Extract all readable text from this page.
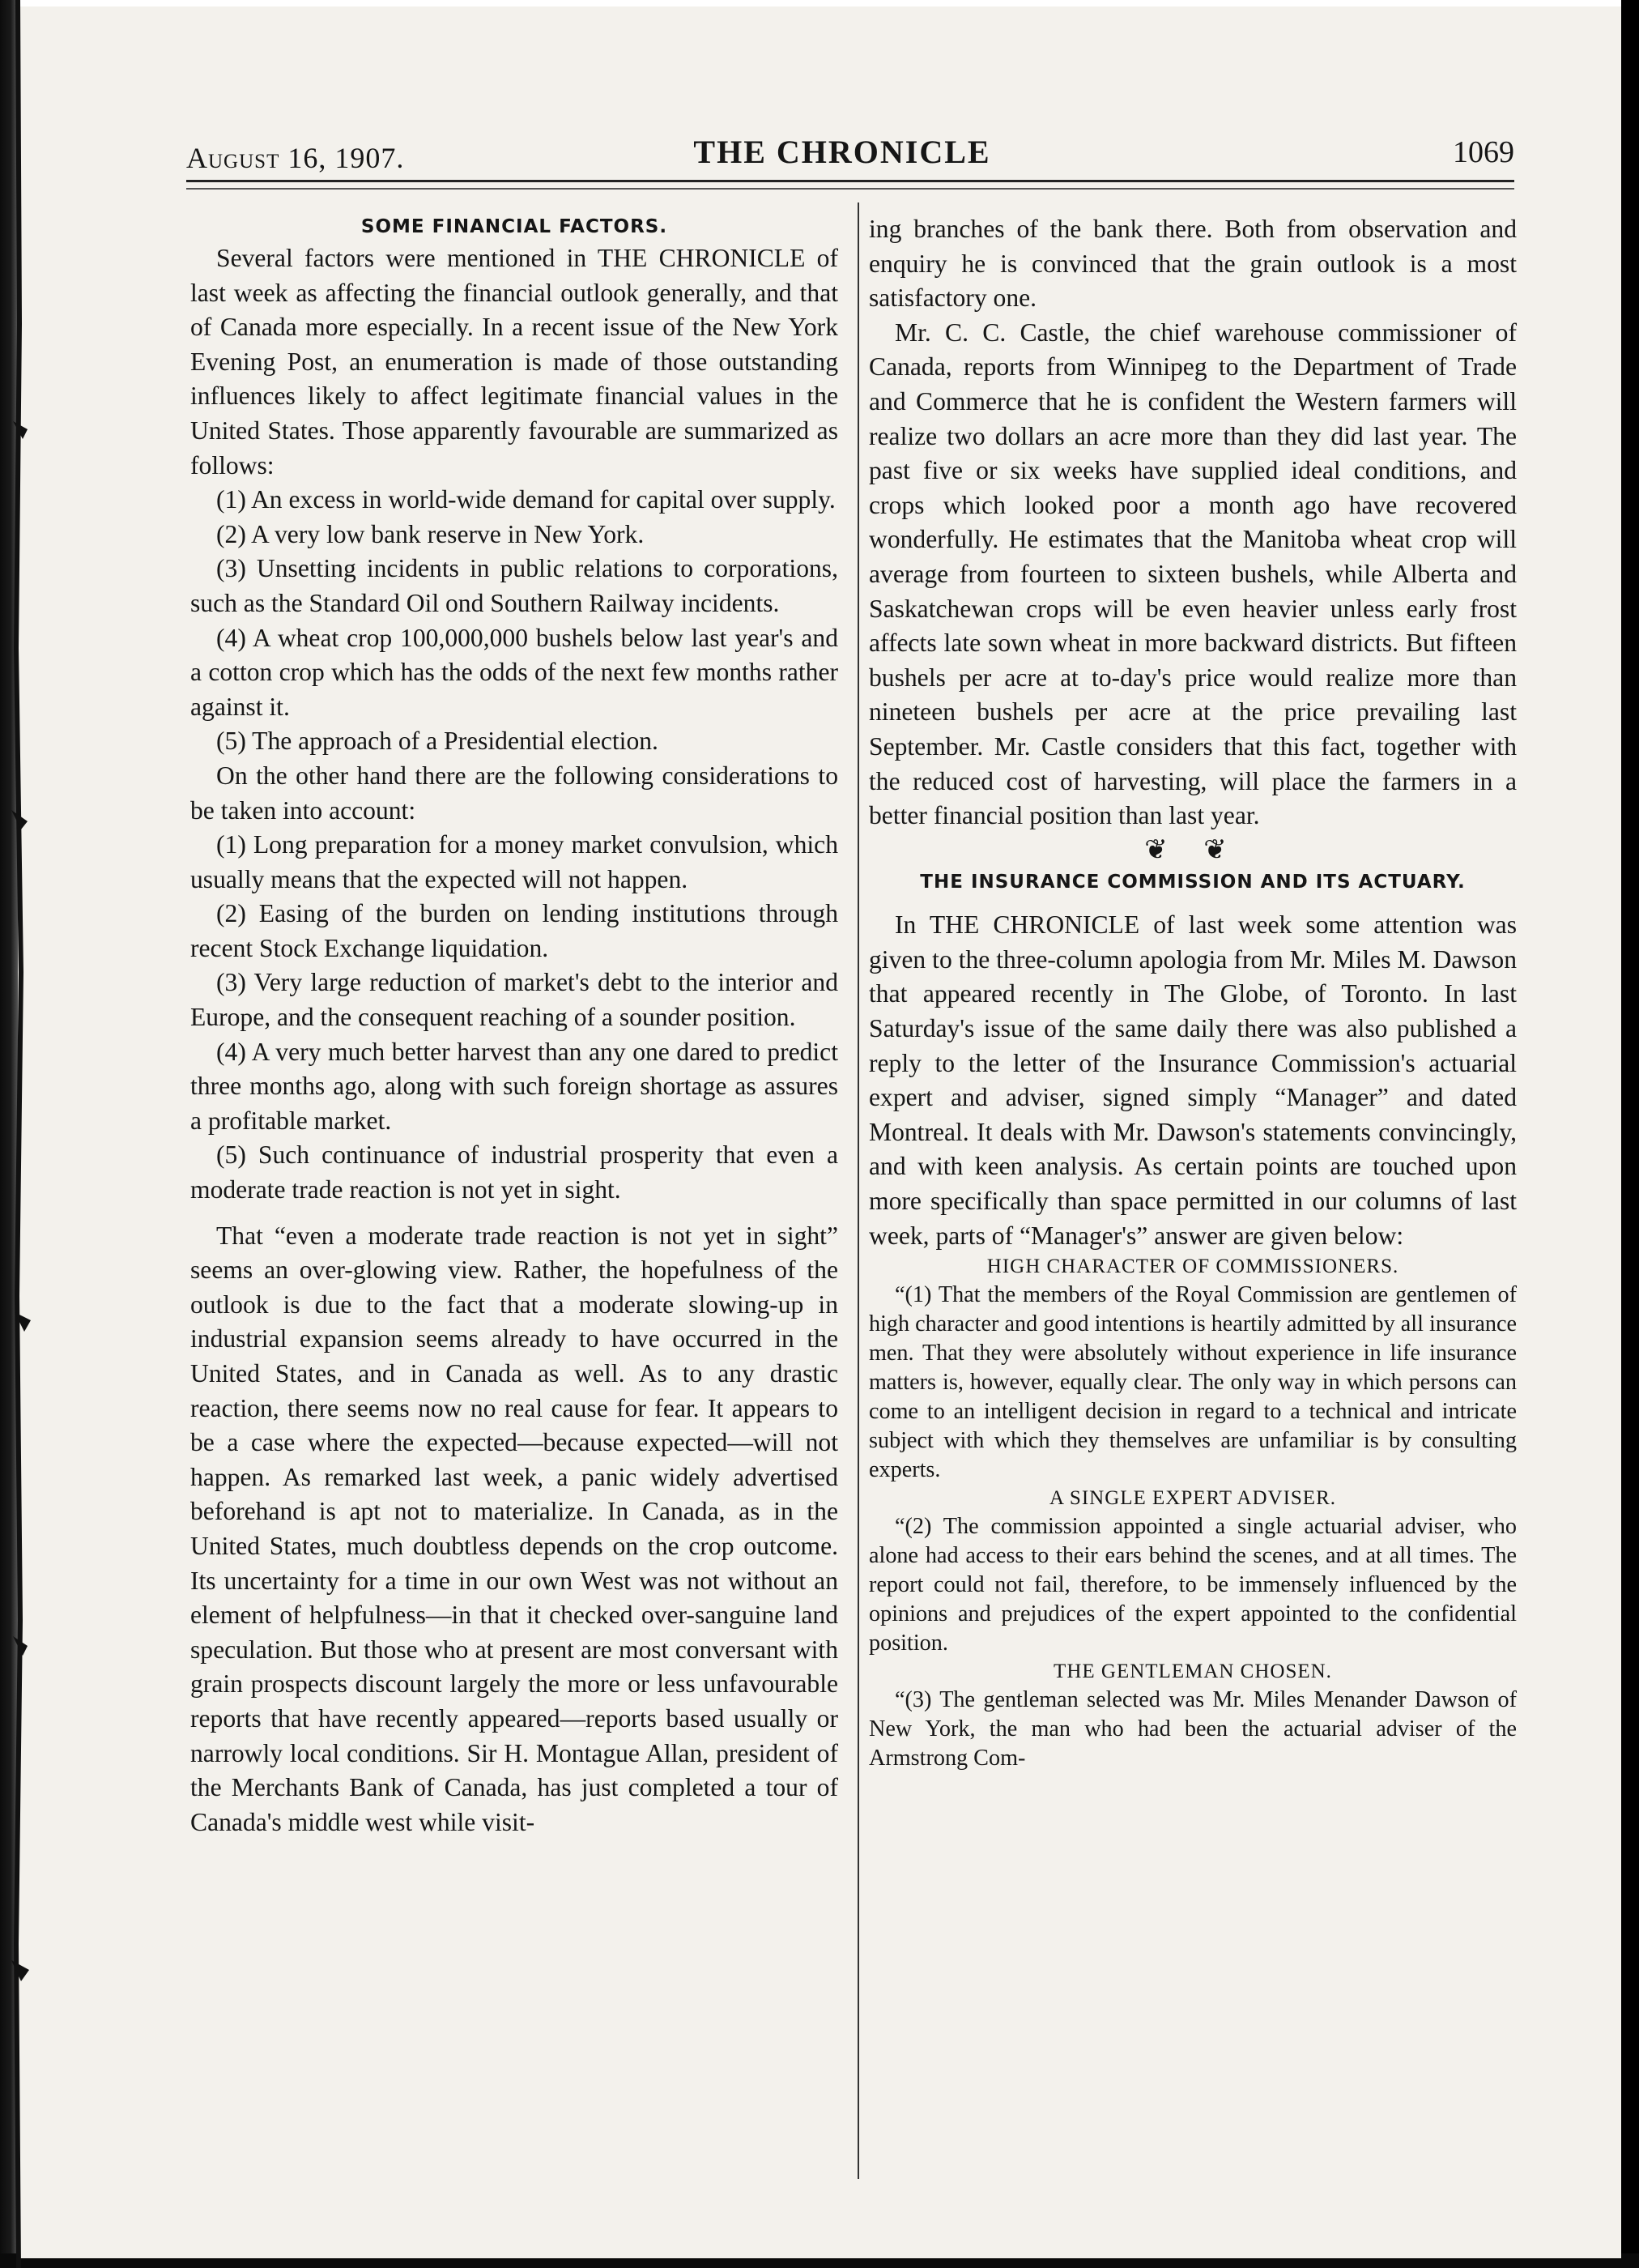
August 16, 1907.	THE CHRONICLE	1069

SOME FINANCIAL FACTORS.

Several factors were mentioned in THE CHRONICLE of last week as affecting the financial outlook generally, and that of Canada more especially. In a recent issue of the New York Evening Post, an enumeration is made of those outstanding influences likely to affect legitimate financial values in the United States. Those apparently favourable are summarized as follows:

(1) An excess in world-wide demand for capital over supply.

(2) A very low bank reserve in New York.

(3) Unsetting incidents in public relations to corporations, such as the Standard Oil ond Southern Railway incidents.

(4) A wheat crop 100,000,000 bushels below last year's and a cotton crop which has the odds of the next few months rather against it.

(5) The approach of a Presidential election.

On the other hand there are the following considerations to be taken into account:

(1) Long preparation for a money market convulsion, which usually means that the expected will not happen.

(2) Easing of the burden on lending institutions through recent Stock Exchange liquidation.

(3) Very large reduction of market's debt to the interior and Europe, and the consequent reaching of a sounder position.

(4) A very much better harvest than any one dared to predict three months ago, along with such foreign shortage as assures a profitable market.

(5) Such continuance of industrial prosperity that even a moderate trade reaction is not yet in sight.

That “even a moderate trade reaction is not yet in sight” seems an over-glowing view. Rather, the hopefulness of the outlook is due to the fact that a moderate slowing-up in industrial expansion seems already to have occurred in the United States, and in Canada as well. As to any drastic reaction, there seems now no real cause for fear. It appears to be a case where the expected—because expected—will not happen. As remarked last week, a panic widely advertised beforehand is apt not to materialize. In Canada, as in the United States, much doubtless depends on the crop outcome. Its uncertainty for a time in our own West was not without an element of helpfulness—in that it checked over-sanguine land speculation. But those who at present are most conversant with grain prospects discount largely the more or less unfavourable reports that have recently appeared—reports based usually or narrowly local conditions. Sir H. Montague Allan, president of the Merchants Bank of Canada, has just completed a tour of Canada's middle west while visit-

ing branches of the bank there. Both from observation and enquiry he is convinced that the grain outlook is a most satisfactory one.

Mr. C. C. Castle, the chief warehouse commissioner of Canada, reports from Winnipeg to the Department of Trade and Commerce that he is confident the Western farmers will realize two dollars an acre more than they did last year. The past five or six weeks have supplied ideal conditions, and crops which looked poor a month ago have recovered wonderfully. He estimates that the Manitoba wheat crop will average from fourteen to sixteen bushels, while Alberta and Saskatchewan crops will be even heavier unless early frost affects late sown wheat in more backward districts. But fifteen bushels per acre at to-day's price would realize more than nineteen bushels per acre at the price prevailing last September. Mr. Castle considers that this fact, together with the reduced cost of harvesting, will place the farmers in a better financial position than last year.

❦ ❦

THE INSURANCE COMMISSION AND ITS ACTUARY.

In THE CHRONICLE of last week some attention was given to the three-column apologia from Mr. Miles M. Dawson that appeared recently in The Globe, of Toronto. In last Saturday's issue of the same daily there was also published a reply to the letter of the Insurance Commission's actuarial expert and adviser, signed simply “Manager” and dated Montreal. It deals with Mr. Dawson's statements convincingly, and with keen analysis. As certain points are touched upon more specifically than space permitted in our columns of last week, parts of “Manager's” answer are given below:

HIGH CHARACTER OF COMMISSIONERS.

“(1) That the members of the Royal Commission are gentlemen of high character and good intentions is heartily admitted by all insurance men. That they were absolutely without experience in life insurance matters is, however, equally clear. The only way in which persons can come to an intelligent decision in regard to a technical and intricate subject with which they themselves are unfamiliar is by consulting experts.

A SINGLE EXPERT ADVISER.

“(2) The commission appointed a single actuarial adviser, who alone had access to their ears behind the scenes, and at all times. The report could not fail, therefore, to be immensely influenced by the opinions and prejudices of the expert appointed to the confidential position.

THE GENTLEMAN CHOSEN.

“(3) The gentleman selected was Mr. Miles Menander Dawson of New York, the man who had been the actuarial adviser of the Armstrong Com-
